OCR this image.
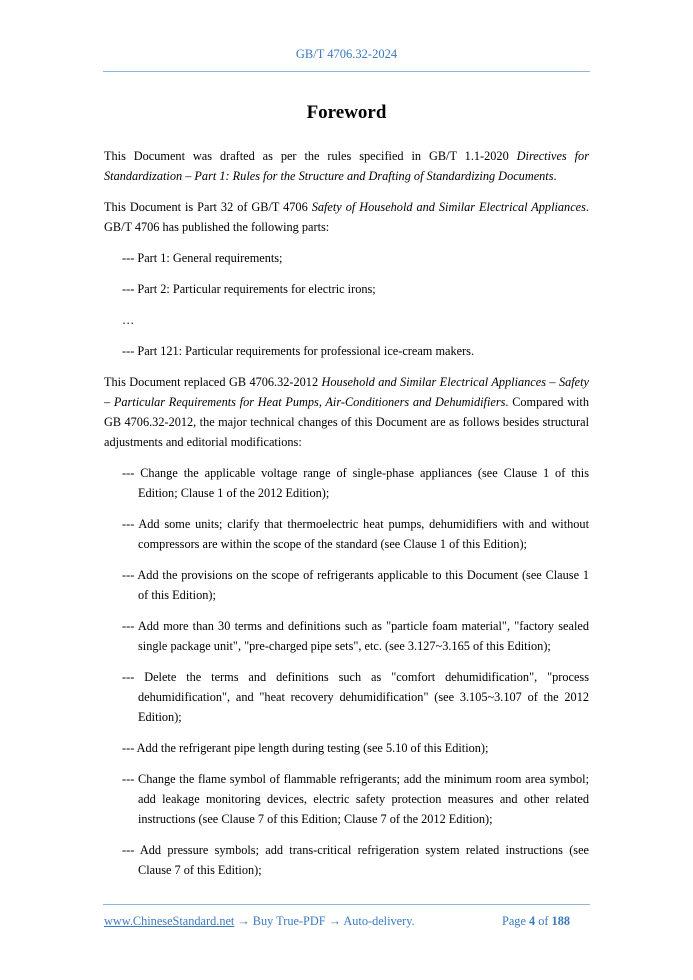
GB/T 4706.32-2024
Foreword

This Document was drafted as per the rules specified in GB/T 1.1-2020 Directives for Standardization – Part 1: Rules for the Structure and Drafting of Standardizing Documents.

This Document is Part 32 of GB/T 4706 Safety of Household and Similar Electrical Appliances. GB/T 4706 has published the following parts:

--- Part 1: General requirements;

--- Part 2: Particular requirements for electric irons;

…

--- Part 121: Particular requirements for professional ice-cream makers.

This Document replaced GB 4706.32-2012 Household and Similar Electrical Appliances – Safety – Particular Requirements for Heat Pumps, Air-Conditioners and Dehumidifiers. Compared with GB 4706.32-2012, the major technical changes of this Document are as follows besides structural adjustments and editorial modifications:

--- Change the applicable voltage range of single-phase appliances (see Clause 1 of this Edition; Clause 1 of the 2012 Edition);

--- Add some units; clarify that thermoelectric heat pumps, dehumidifiers with and without compressors are within the scope of the standard (see Clause 1 of this Edition);

--- Add the provisions on the scope of refrigerants applicable to this Document (see Clause 1 of this Edition);

--- Add more than 30 terms and definitions such as "particle foam material", "factory sealed single package unit", "pre-charged pipe sets", etc. (see 3.127~3.165 of this Edition);

--- Delete the terms and definitions such as "comfort dehumidification", "process dehumidification", and "heat recovery dehumidification" (see 3.105~3.107 of the 2012 Edition);

--- Add the refrigerant pipe length during testing (see 5.10 of this Edition);

--- Change the flame symbol of flammable refrigerants; add the minimum room area symbol; add leakage monitoring devices, electric safety protection measures and other related instructions (see Clause 7 of this Edition; Clause 7 of the 2012 Edition);

--- Add pressure symbols; add trans-critical refrigeration system related instructions (see Clause 7 of this Edition);

www.ChineseStandard.net → Buy True-PDF → Auto-delivery.	Page 4 of 188
